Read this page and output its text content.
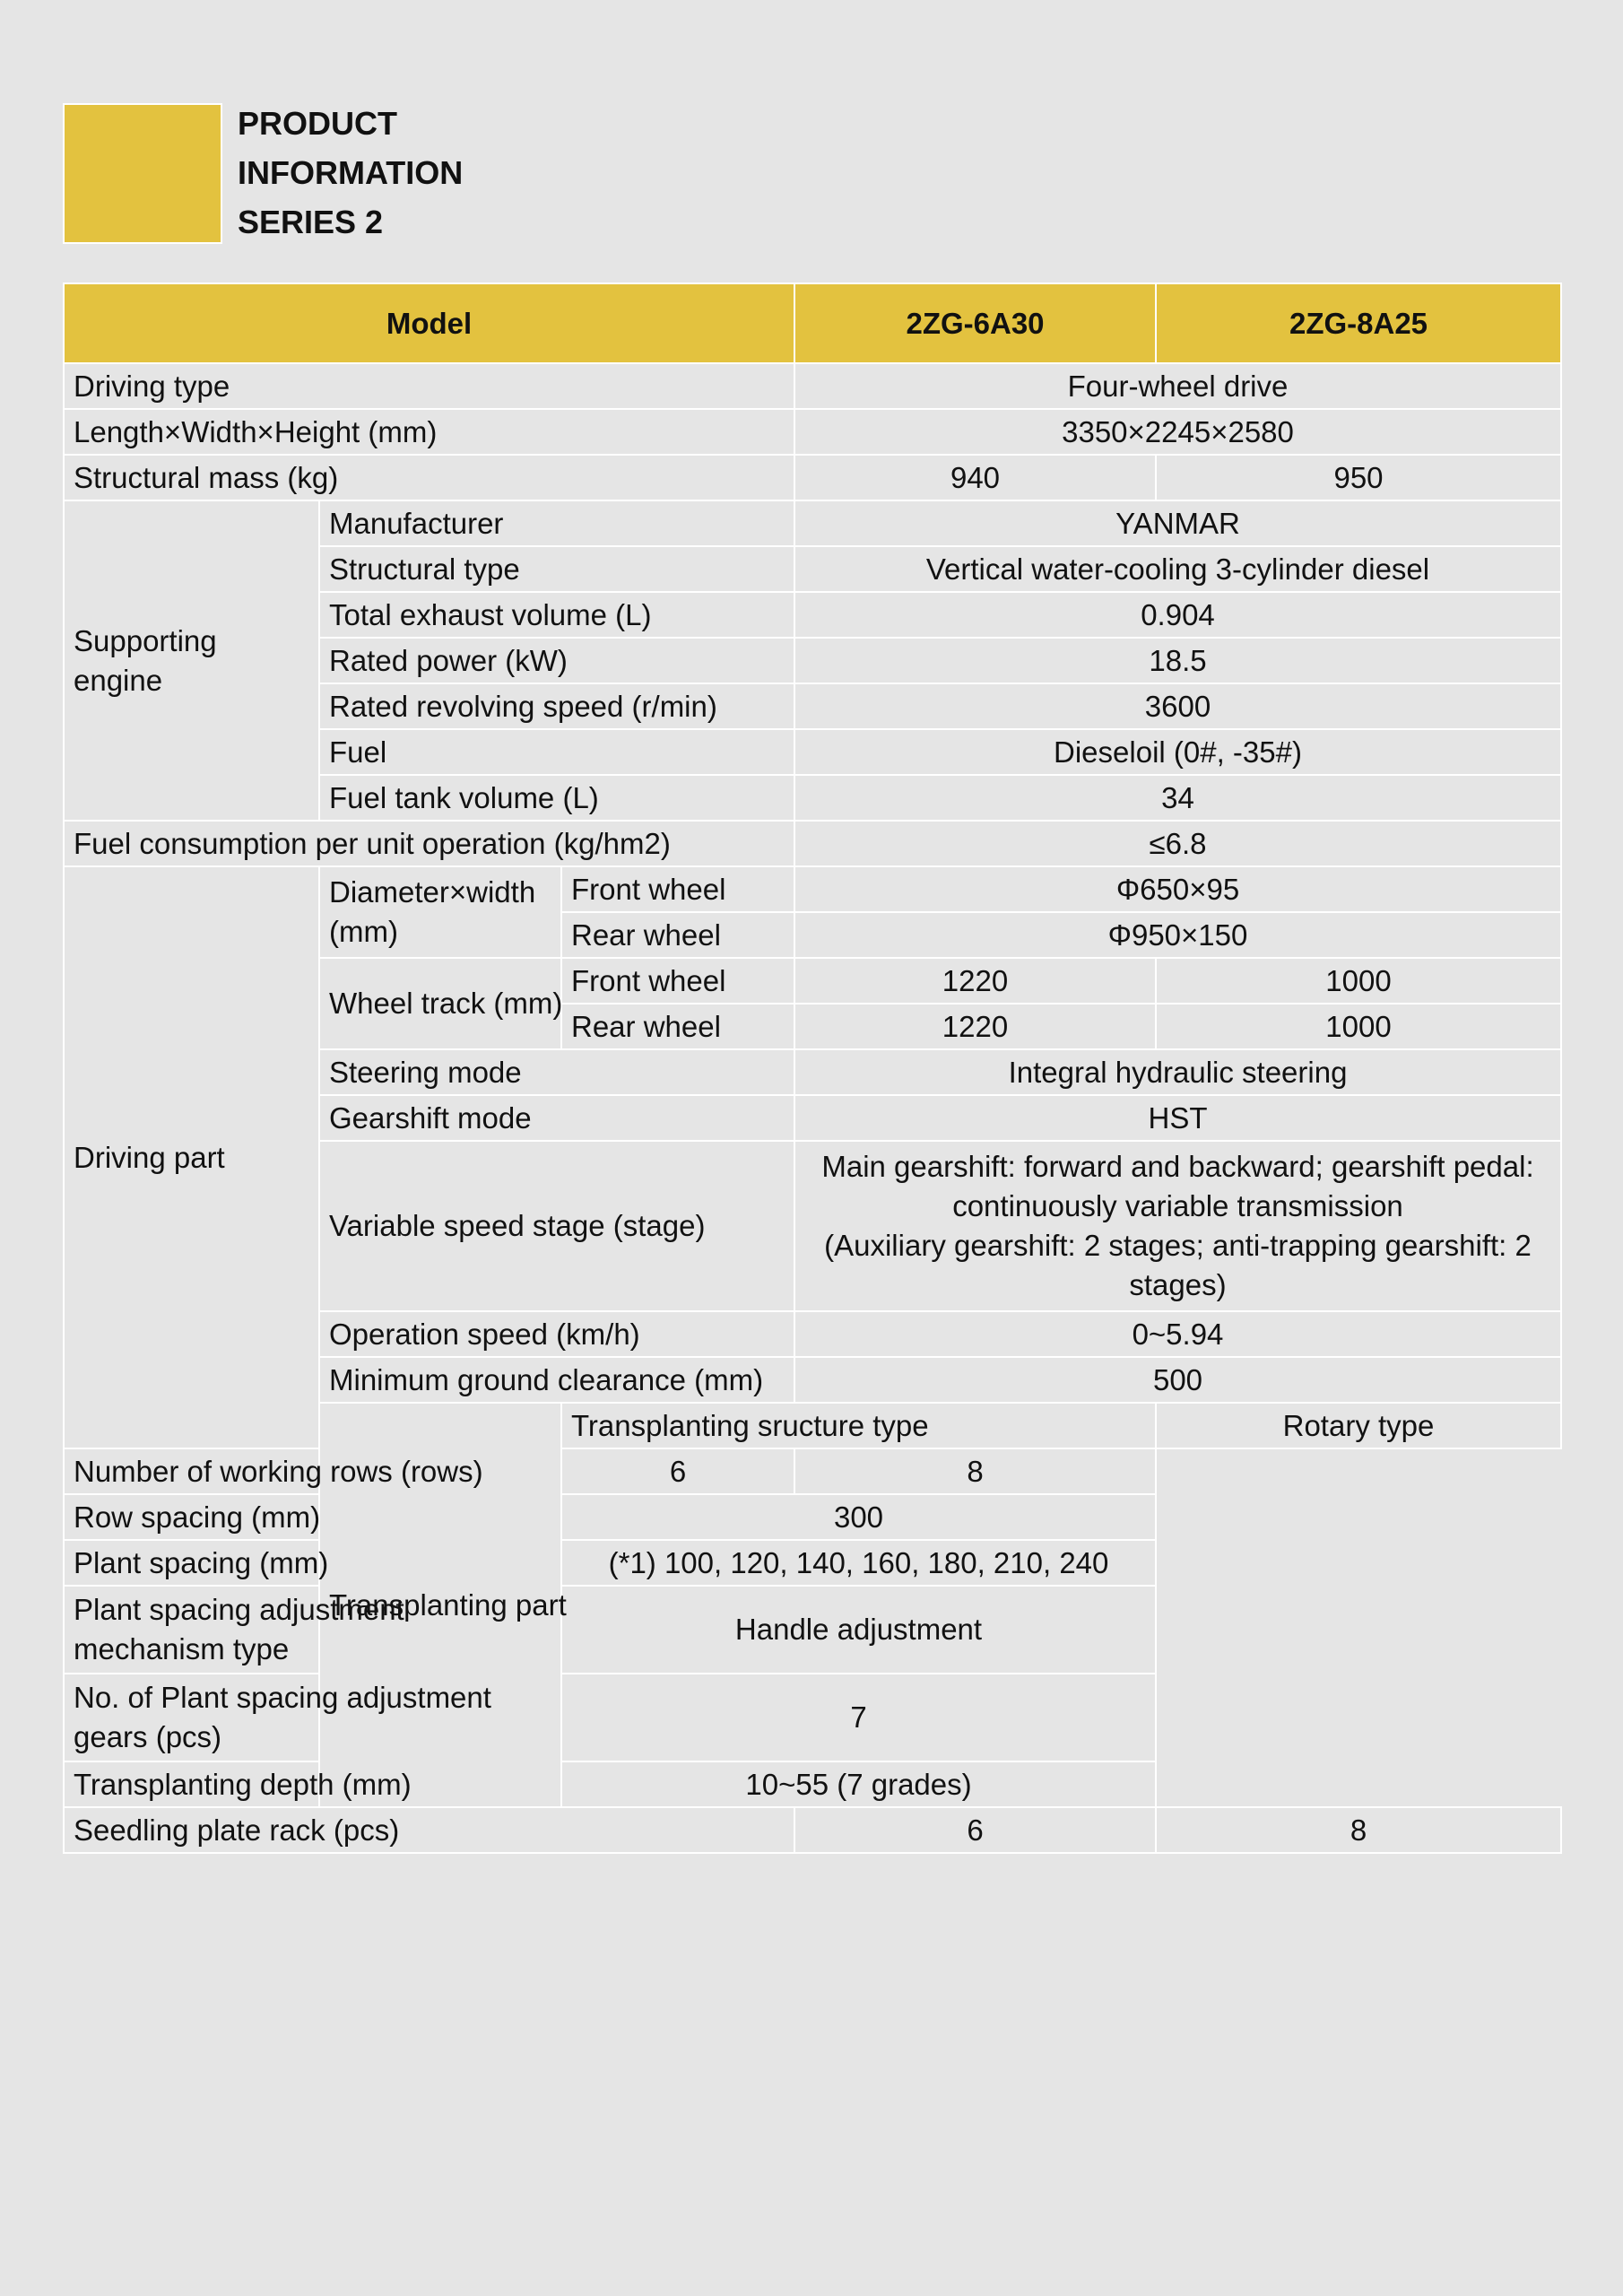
PRODUCT
INFORMATION
SERIES 2
Model			2ZG-6A30	2ZG-8A25
Driving type			Four-wheel drive	
Length×Width×Height (mm)			3350×2245×2580	
Structural mass (kg)			940	950
Supporting engine	Manufacturer		YANMAR	
	Structural type		Vertical water-cooling 3-cylinder diesel	
	Total exhaust volume (L)		0.904	
	Rated power (kW)		18.5	
	Rated revolving speed (r/min)		3600	
	Fuel		Dieseloil (0#, -35#)	
	Fuel tank volume (L)		34	
Fuel consumption per unit operation (kg/hm2)			≤6.8	
Driving part	Diameter×width (mm)	Front wheel	Φ650×95	
		Rear wheel	Φ950×150	
	Wheel track (mm)	Front wheel	1220	1000
		Rear wheel	1220	1000
	Steering mode		Integral hydraulic steering	
	Gearshift mode		HST	
	Variable speed stage (stage)		Main gearshift: forward and backward; gearshift pedal: continuously variable transmission
(Auxiliary gearshift: 2 stages; anti-trapping gearshift: 2 stages)	

	Operation speed (km/h)		0~5.94	
	Minimum ground clearance (mm)		500	
	Transplanting part	Transplanting sructure type		Rotary type
Number of working rows (rows)		6	8	
Row spacing (mm)		300		
Plant spacing (mm)		(*1) 100, 120, 140, 160, 180, 210, 240		
Plant spacing adjustment mechanism type		Handle adjustment		
No. of Plant spacing adjustment gears (pcs)		7		
Transplanting depth (mm)		10~55 (7 grades)		
Seedling plate rack (pcs)			6	8
